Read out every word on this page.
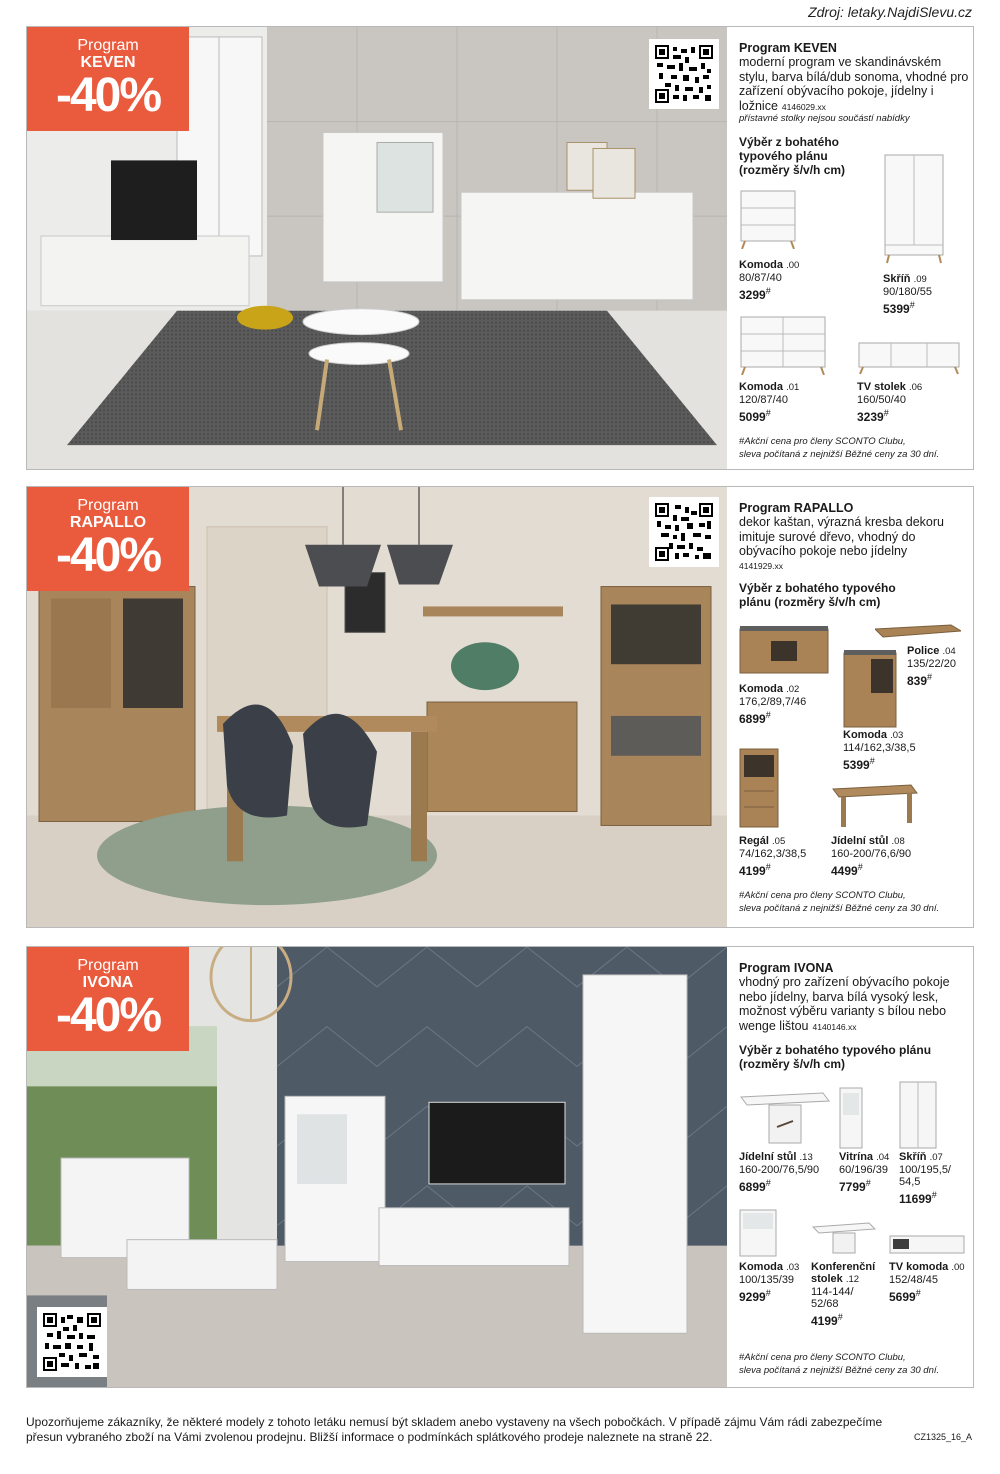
Zdroj: letaky.NajdiSlevu.cz
Program
KEVEN
-40%
Program KEVEN
moderní program ve skandinávském stylu, barva bílá/dub sonoma, vhodné pro zařízení obývacího pokoje, jídelny i ložnice 4146029.xx
přístavné stolky nejsou součástí nabídky
Výběr z bohatého typového plánu (rozměry š/v/h cm)
Komoda .00
80/87/40
3299#
Skříň .09
90/180/55
5399#
Komoda .01
120/87/40
5099#
TV stolek .06
160/50/40
3239#
#Akční cena pro členy SCONTO Clubu,
sleva počítaná z nejnižší Běžné ceny za 30 dní.
Program
RAPALLO
-40%
Program RAPALLO
dekor kaštan, výrazná kresba dekoru imituje surové dřevo, vhodný do obývacího pokoje nebo jídelny
4141929.xx
Výběr z bohatého typového plánu (rozměry š/v/h cm)
Komoda .02
176,2/89,7/46
6899#
Police .04
135/22/20
839#
Komoda .03
114/162,3/38,5
5399#
Regál .05
74/162,3/38,5
4199#
Jídelní stůl .08
160-200/76,6/90
4499#
#Akční cena pro členy SCONTO Clubu,
sleva počítaná z nejnižší Běžné ceny za 30 dní.
Program
IVONA
-40%
Program IVONA
vhodný pro zařízení obývacího pokoje nebo jídelny, barva bílá vysoký lesk, možnost výběru varianty s bílou nebo wenge lištou 4140146.xx
Výběr z bohatého typového plánu (rozměry š/v/h cm)
Jídelní stůl .13
160-200/76,5/90
6899#
Vitrína .04
60/196/39
7799#
Skříň .07
100/195,5/ 54,5
11699#
Komoda .03
100/135/39
9299#
Konferenční stolek .12
114-144/ 52/68
4199#
TV komoda .00
152/48/45
5699#
#Akční cena pro členy SCONTO Clubu,
sleva počítaná z nejnižší Běžné ceny za 30 dní.
Upozorňujeme zákazníky, že některé modely z tohoto letáku nemusí být skladem anebo vystaveny na všech pobočkách. V případě zájmu Vám rádi zabezpečíme přesun vybraného zboží na Vámi zvolenou prodejnu. Bližší informace o podmínkách splátkového prodeje naleznete na straně 22.	CZ1325_16_A
